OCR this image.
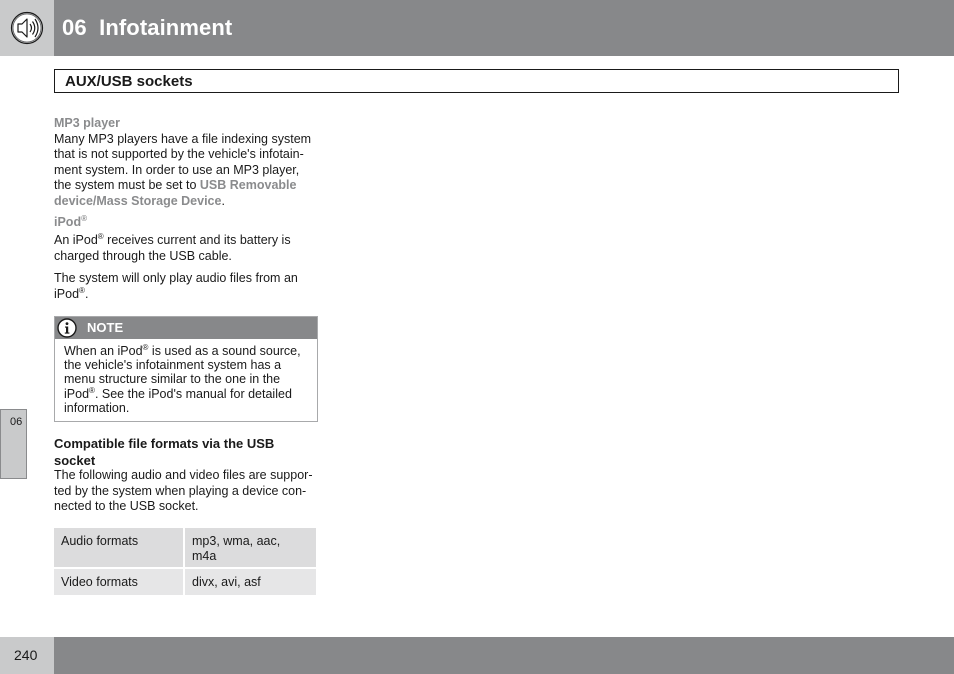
06 Infotainment
AUX/USB sockets

MP3 player

Many MP3 players have a file indexing system
that is not supported by the vehicle's infotain-
ment system. In order to use an MP3 player,
the system must be set to USB Removable
device/Mass Storage Device.

iPod®

An iPod® receives current and its battery is
charged through the USB cable.

The system will only play audio files from an
iPod®.

NOTE
When an iPod® is used as a sound source,
the vehicle's infotainment system has a
menu structure similar to the one in the
iPod®. See the iPod's manual for detailed
information.
06
Compatible file formats via the USB
socket
The following audio and video files are suppor-
ted by the system when playing a device con-
nected to the USB socket.
Audio formats	mp3, wma, aac,
m4a
Video formats	divx, avi, asf
240
